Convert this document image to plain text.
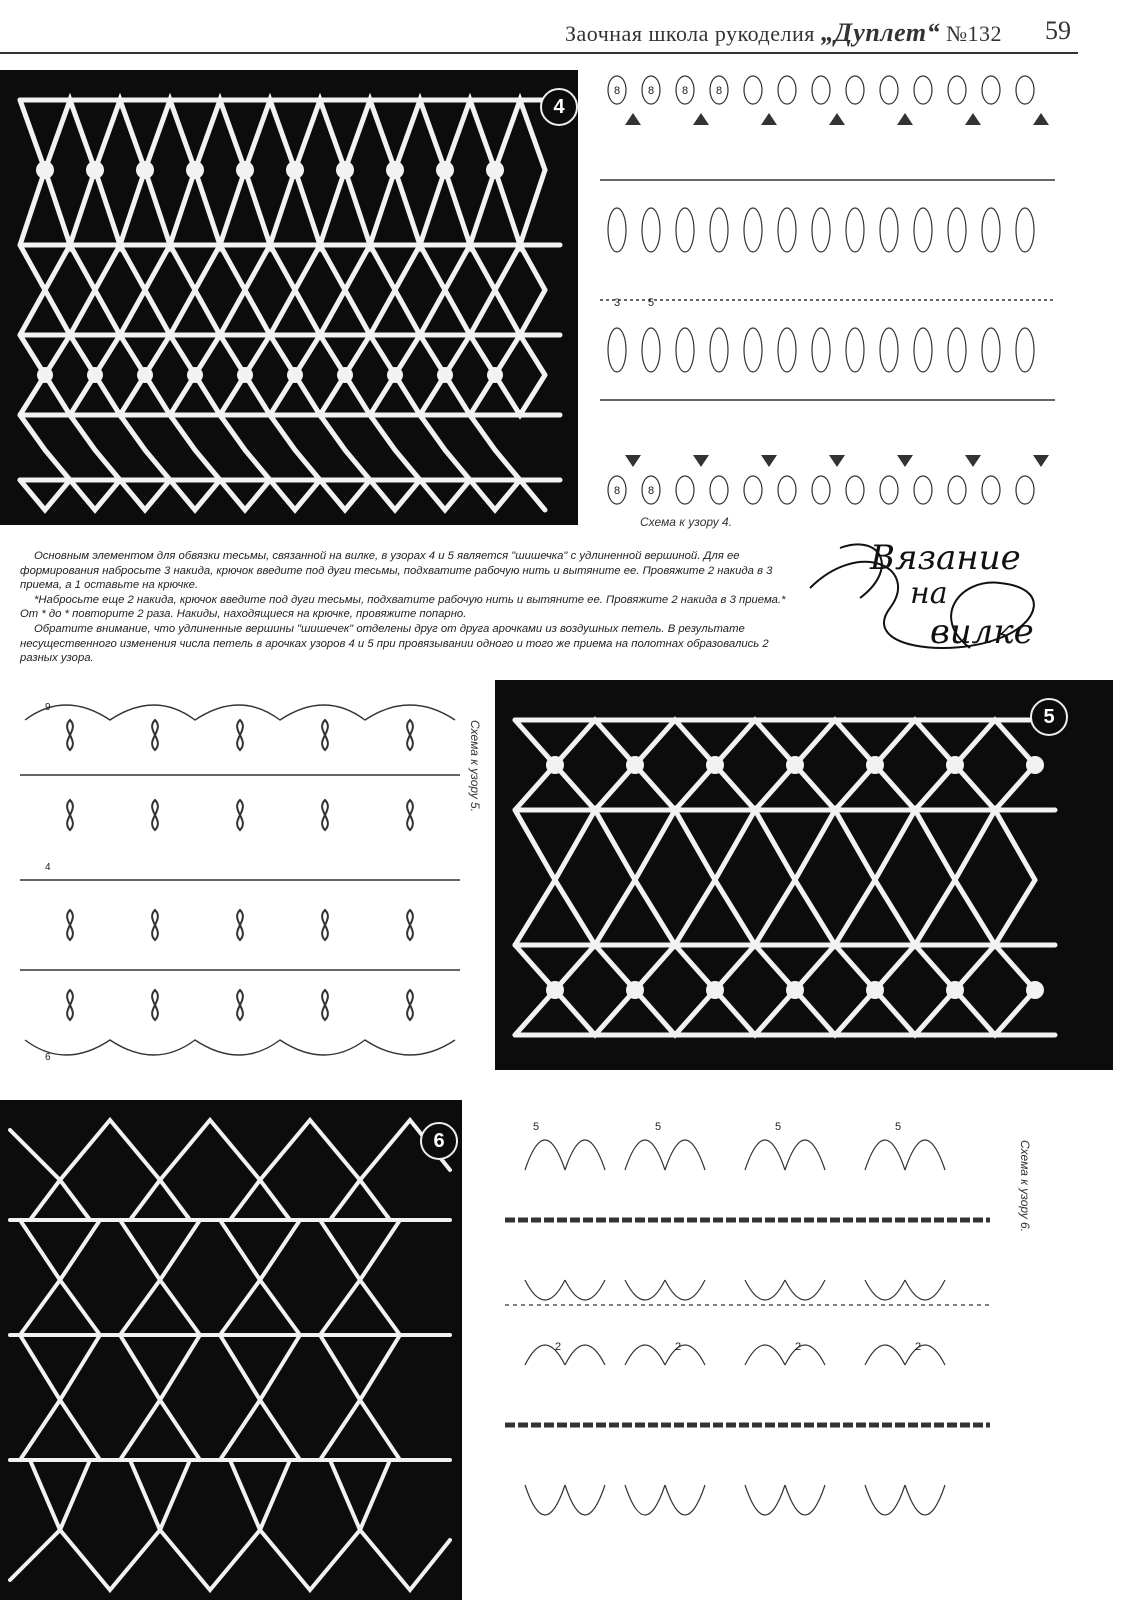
Заочная школа рукоделия „Дуплет“ №132 59
4
8	8	8	8
8	8
3	5
Схема к узору 4.
Вязание
на
вилке

Основным элементом для обвязки тесьмы, связанной на вилке, в узорах 4 и 5 является "шишечка" с удлиненной вершиной. Для ее формирования набросьте 3 накида, крючок введите под дуги тесьмы, подхватите рабочую нить и вытяните ее. Провяжите 2 накида в 3 приема, а 1 оставьте на крючке.

*Набросьте еще 2 накида, крючок введите под дуги тесьмы, подхватите рабочую нить и вытяните ее. Провяжите 2 накида в 3 приема.* От * до * повторите 2 раза. Накиды, находящиеся на крючке, провяжите попарно.

Обратите внимание, что удлиненные вершины "шишечек" отделены друг от друга арочками из воздушных петель. В результате несущественного изменения числа петель в арочках узоров 4 и 5 при провязывании одного и того же приема на полотнах образовались 2 разных узора.

9
4
6
Схема к узору 5.
5
6
5	5	5	5
2	2	2	2
Схема к узору 6.
